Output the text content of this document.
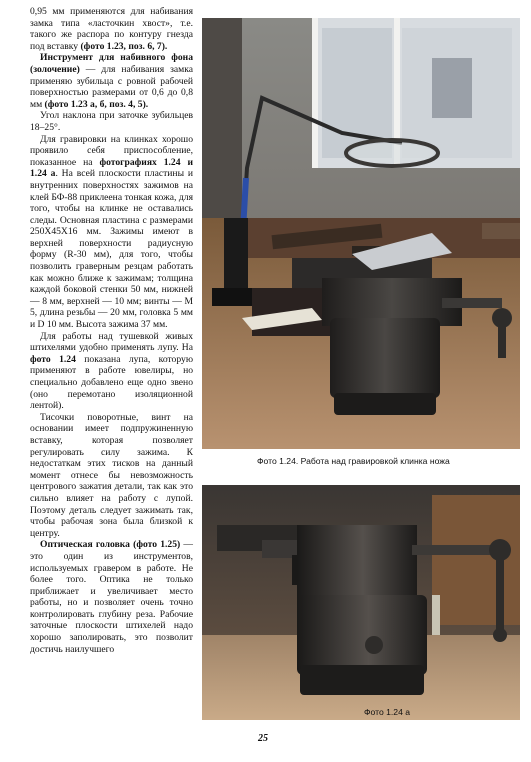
0,95 мм применяются для набивания замка типа «ласточкин хвост», т.е. такого же распора по контуру гнезда под вставку (фото 1.23, поз. 6, 7).

Инструмент для набивного фона (золочение) — для набивания замка применяю зубильца с ровной рабочей поверхностью размерами от 0,6 до 0,8 мм (фото 1.23 а, б, поз. 4, 5).

Угол наклона при заточке зубильцев 18–25°.

Для гравировки на клинках хорошо проявило себя приспособление, показанное на фотографиях 1.24 и 1.24 а. На всей плоскости пластины и внутренних поверхностях зажимов на клей БФ-88 приклеена тонкая кожа, для того, чтобы на клинке не оставались следы. Основная пластина с размерами 250Х45Х16 мм. Зажимы имеют в верхней поверхности радиусную форму (R-30 мм), для того, чтобы позволить граверным резцам работать как можно ближе к зажимам; толщина каждой боковой стенки 50 мм, нижней — 8 мм, верхней — 10 мм; винты — М 5, длина резьбы — 20 мм, головка 5 мм и D 10 мм. Высота зажима 37 мм.

Для работы над тушевкой живых штихелями удобно применять лупу. На фото 1.24 показана лупа, которую применяют в работе ювелиры, но специально добавлено еще одно звено (оно перемотано изоляционной лентой).

Тисочки поворотные, винт на основании имеет подпружиненную вставку, которая позволяет регулировать силу зажима. К недостаткам этих тисков на данный момент отнесе бы невозможность центрового зажатия детали, так как это сильно влияет на работу с лупой. Поэтому деталь следует зажимать так, чтобы рабочая зона была близкой к центру.

Оптическая головка (фото 1.25) — это один из инструментов, используемых гравером в работе. Не более того. Оптика не только приближает и увеличивает место работы, но и позволяет очень точно контролировать глубину реза. Рабочие заточные плоскости штихелей надо хорошо заполировать, это позволит достичь наилучшего

Фото 1.24. Работа над гравировкой клинка ножа
Фото 1.24 а
25
